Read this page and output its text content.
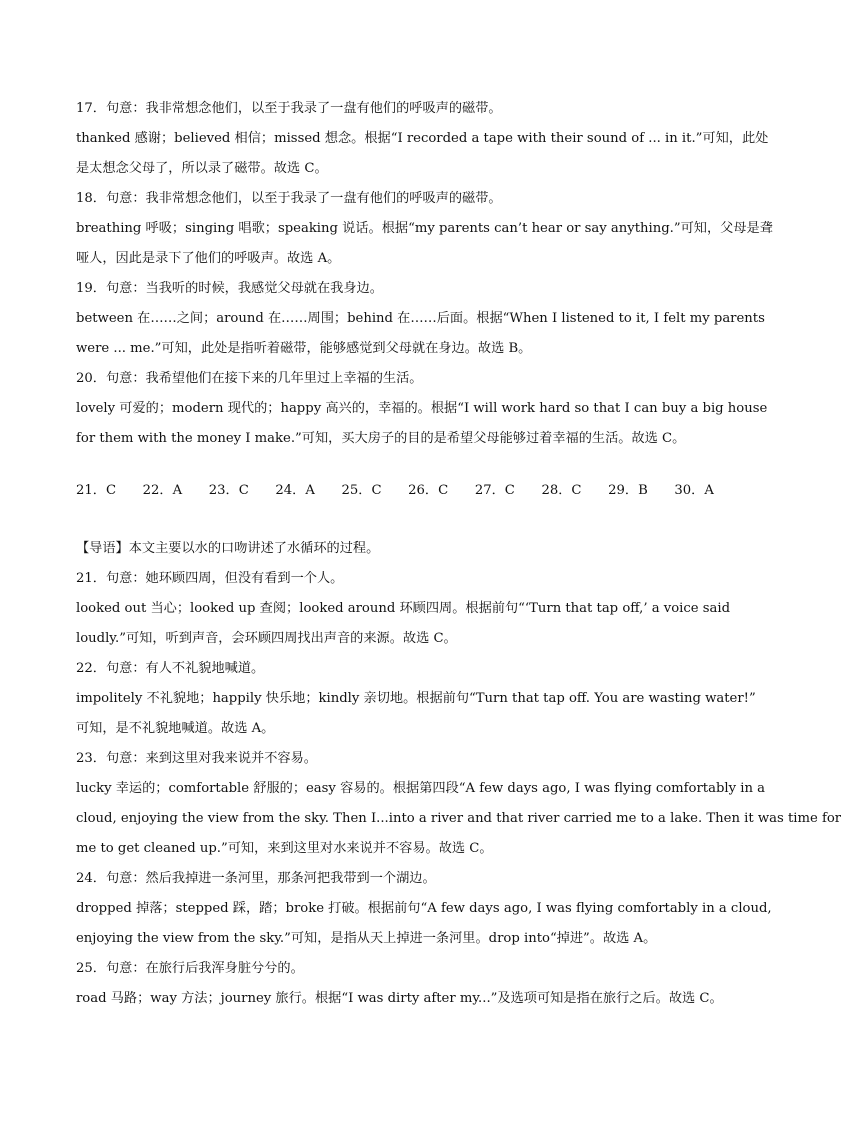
17．句意：我非常想念他们，以至于我录了一盘有他们的呼吸声的磁带。
thanked 感谢；believed 相信；missed 想念。根据“I recorded a tape with their sound of ... in it.”可知，此处
是太想念父母了，所以录了磁带。故选 C。
18．句意：我非常想念他们，以至于我录了一盘有他们的呼吸声的磁带。
breathing 呼吸；singing 唱歌；speaking 说话。根据“my parents can’t hear or say anything.”可知，父母是聋
哑人，因此是录下了他们的呼吸声。故选 A。
19．句意：当我听的时候，我感觉父母就在我身边。
between 在……之间；around 在……周围；behind 在……后面。根据“When I listened to it, I felt my parents
were ... me.”可知，此处是指听着磁带，能够感觉到父母就在身边。故选 B。
20．句意：我希望他们在接下来的几年里过上幸福的生活。
lovely 可爱的；modern 现代的；happy 高兴的，幸福的。根据“I will work hard so that I can buy a big house
for them with the money I make.”可知，买大房子的目的是希望父母能够过着幸福的生活。故选 C。
21．C 22．A 23．C 24．A 25．C 26．C 27．C 28．C 29．B 30．A
【导语】本文主要以水的口吻讲述了水循环的过程。
21．句意：她环顾四周，但没有看到一个人。
looked out 当心；looked up 查阅；looked around 环顾四周。根据前句“‘Turn that tap off,’ a voice said
loudly.”可知，听到声音，会环顾四周找出声音的来源。故选 C。
22．句意：有人不礼貌地喊道。
impolitely 不礼貌地；happily 快乐地；kindly 亲切地。根据前句“Turn that tap off. You are wasting water!”
可知，是不礼貌地喊道。故选 A。
23．句意：来到这里对我来说并不容易。
lucky 幸运的；comfortable 舒服的；easy 容易的。根据第四段“A few days ago, I was flying comfortably in a
cloud, enjoying the view from the sky. Then I...into a river and that river carried me to a lake. Then it was time for
me to get cleaned up.”可知，来到这里对水来说并不容易。故选 C。
24．句意：然后我掉进一条河里，那条河把我带到一个湖边。
dropped 掉落；stepped 踩，踏；broke 打破。根据前句“A few days ago, I was flying comfortably in a cloud,
enjoying the view from the sky.”可知，是指从天上掉进一条河里。drop into“掉进”。故选 A。
25．句意：在旅行后我浑身脏兮兮的。
road 马路；way 方法；journey 旅行。根据“I was dirty after my...”及选项可知是指在旅行之后。故选 C。
